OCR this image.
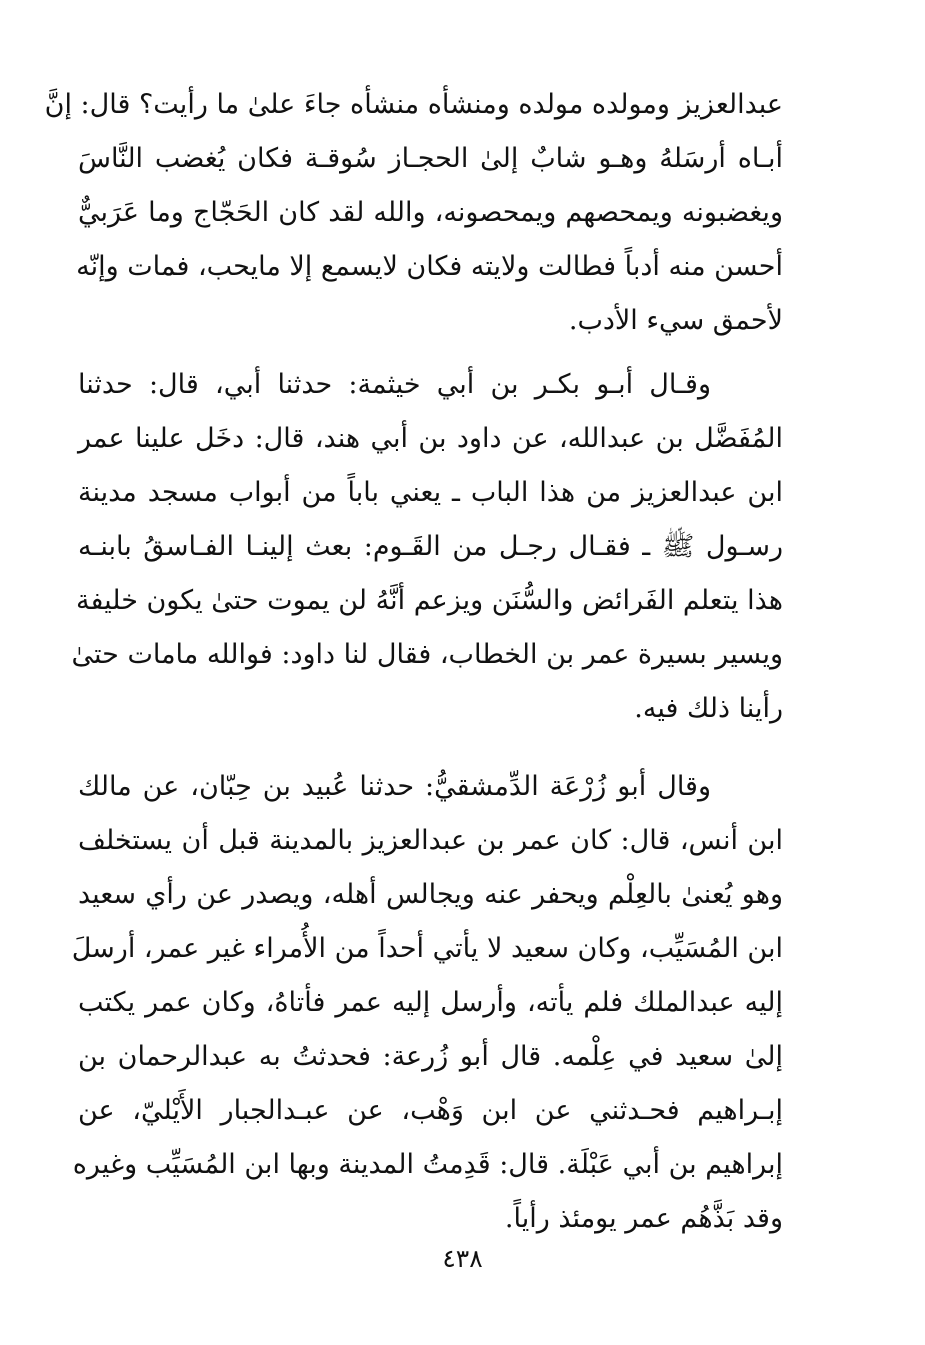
عبدالعزيز ومولده مولده ومنشأه منشأه جاءَ علىٰ ما رأيت؟ قال: إنَّ
أبـاه أرسَلهُ وهـو شابٌ إلىٰ الحجـاز سُوقـة فكان يُغضب النَّاسَ
ويغضبونه ويمحصهم ويمحصونه، والله لقد كان الحَجّاج وما عَرَبيٌّ
أحسن منه أدباً فطالت ولايته فكان لايسمع إلا مايحب، فمات وإنّه
لأحمق سيء الأدب.
وقـال أبـو بكـر بن أبي خيثمة: حدثنا أبي، قال: حدثنا
المُفَضَّل بن عبدالله، عن داود بن أبي هند، قال: دخَل علينا عمر
ابن عبدالعزيز من هذا الباب ـ يعني باباً من أبواب مسجد مدينة
رسـول ﷺ ـ فقـال رجـل من القَـوم: بعث إلينـا الفـاسقُ بابنـه
هذا يتعلم الفَرائض والسُّنَن ويزعم أنَّهُ لن يموت حتىٰ يكون خليفة
ويسير بسيرة عمر بن الخطاب، فقال لنا داود: فوالله مامات حتىٰ
رأينا ذلك فيه.
وقال أبو زُرْعَة الدِّمشقيُّ: حدثنا عُبيد بن حِبّان، عن مالك
ابن أنس، قال: كان عمر بن عبدالعزيز بالمدينة قبل أن يستخلف
وهو يُعنىٰ بالعِلْم ويحفر عنه ويجالس أهله، ويصدر عن رأي سعيد
ابن المُسَيِّب، وكان سعيد لا يأتي أحداً من الأُمراء غير عمر، أرسلَ
إليه عبدالملك فلم يأته، وأرسل إليه عمر فأتاهُ، وكان عمر يكتب
إلىٰ سعيد في عِلْمه. قال أبو زُرعة: فحدثتُ به عبدالرحمان بن
إبـراهيم فحـدثني عن ابن وَهْب، عن عبـدالجبار الأَيْليّ، عن
إبراهيم بن أبي عَبْلَة. قال: قَدِمتُ المدينة وبها ابن المُسَيِّب وغيره
وقد بَذَّهُم عمر يومئذ رأياً.
٤٣٨
